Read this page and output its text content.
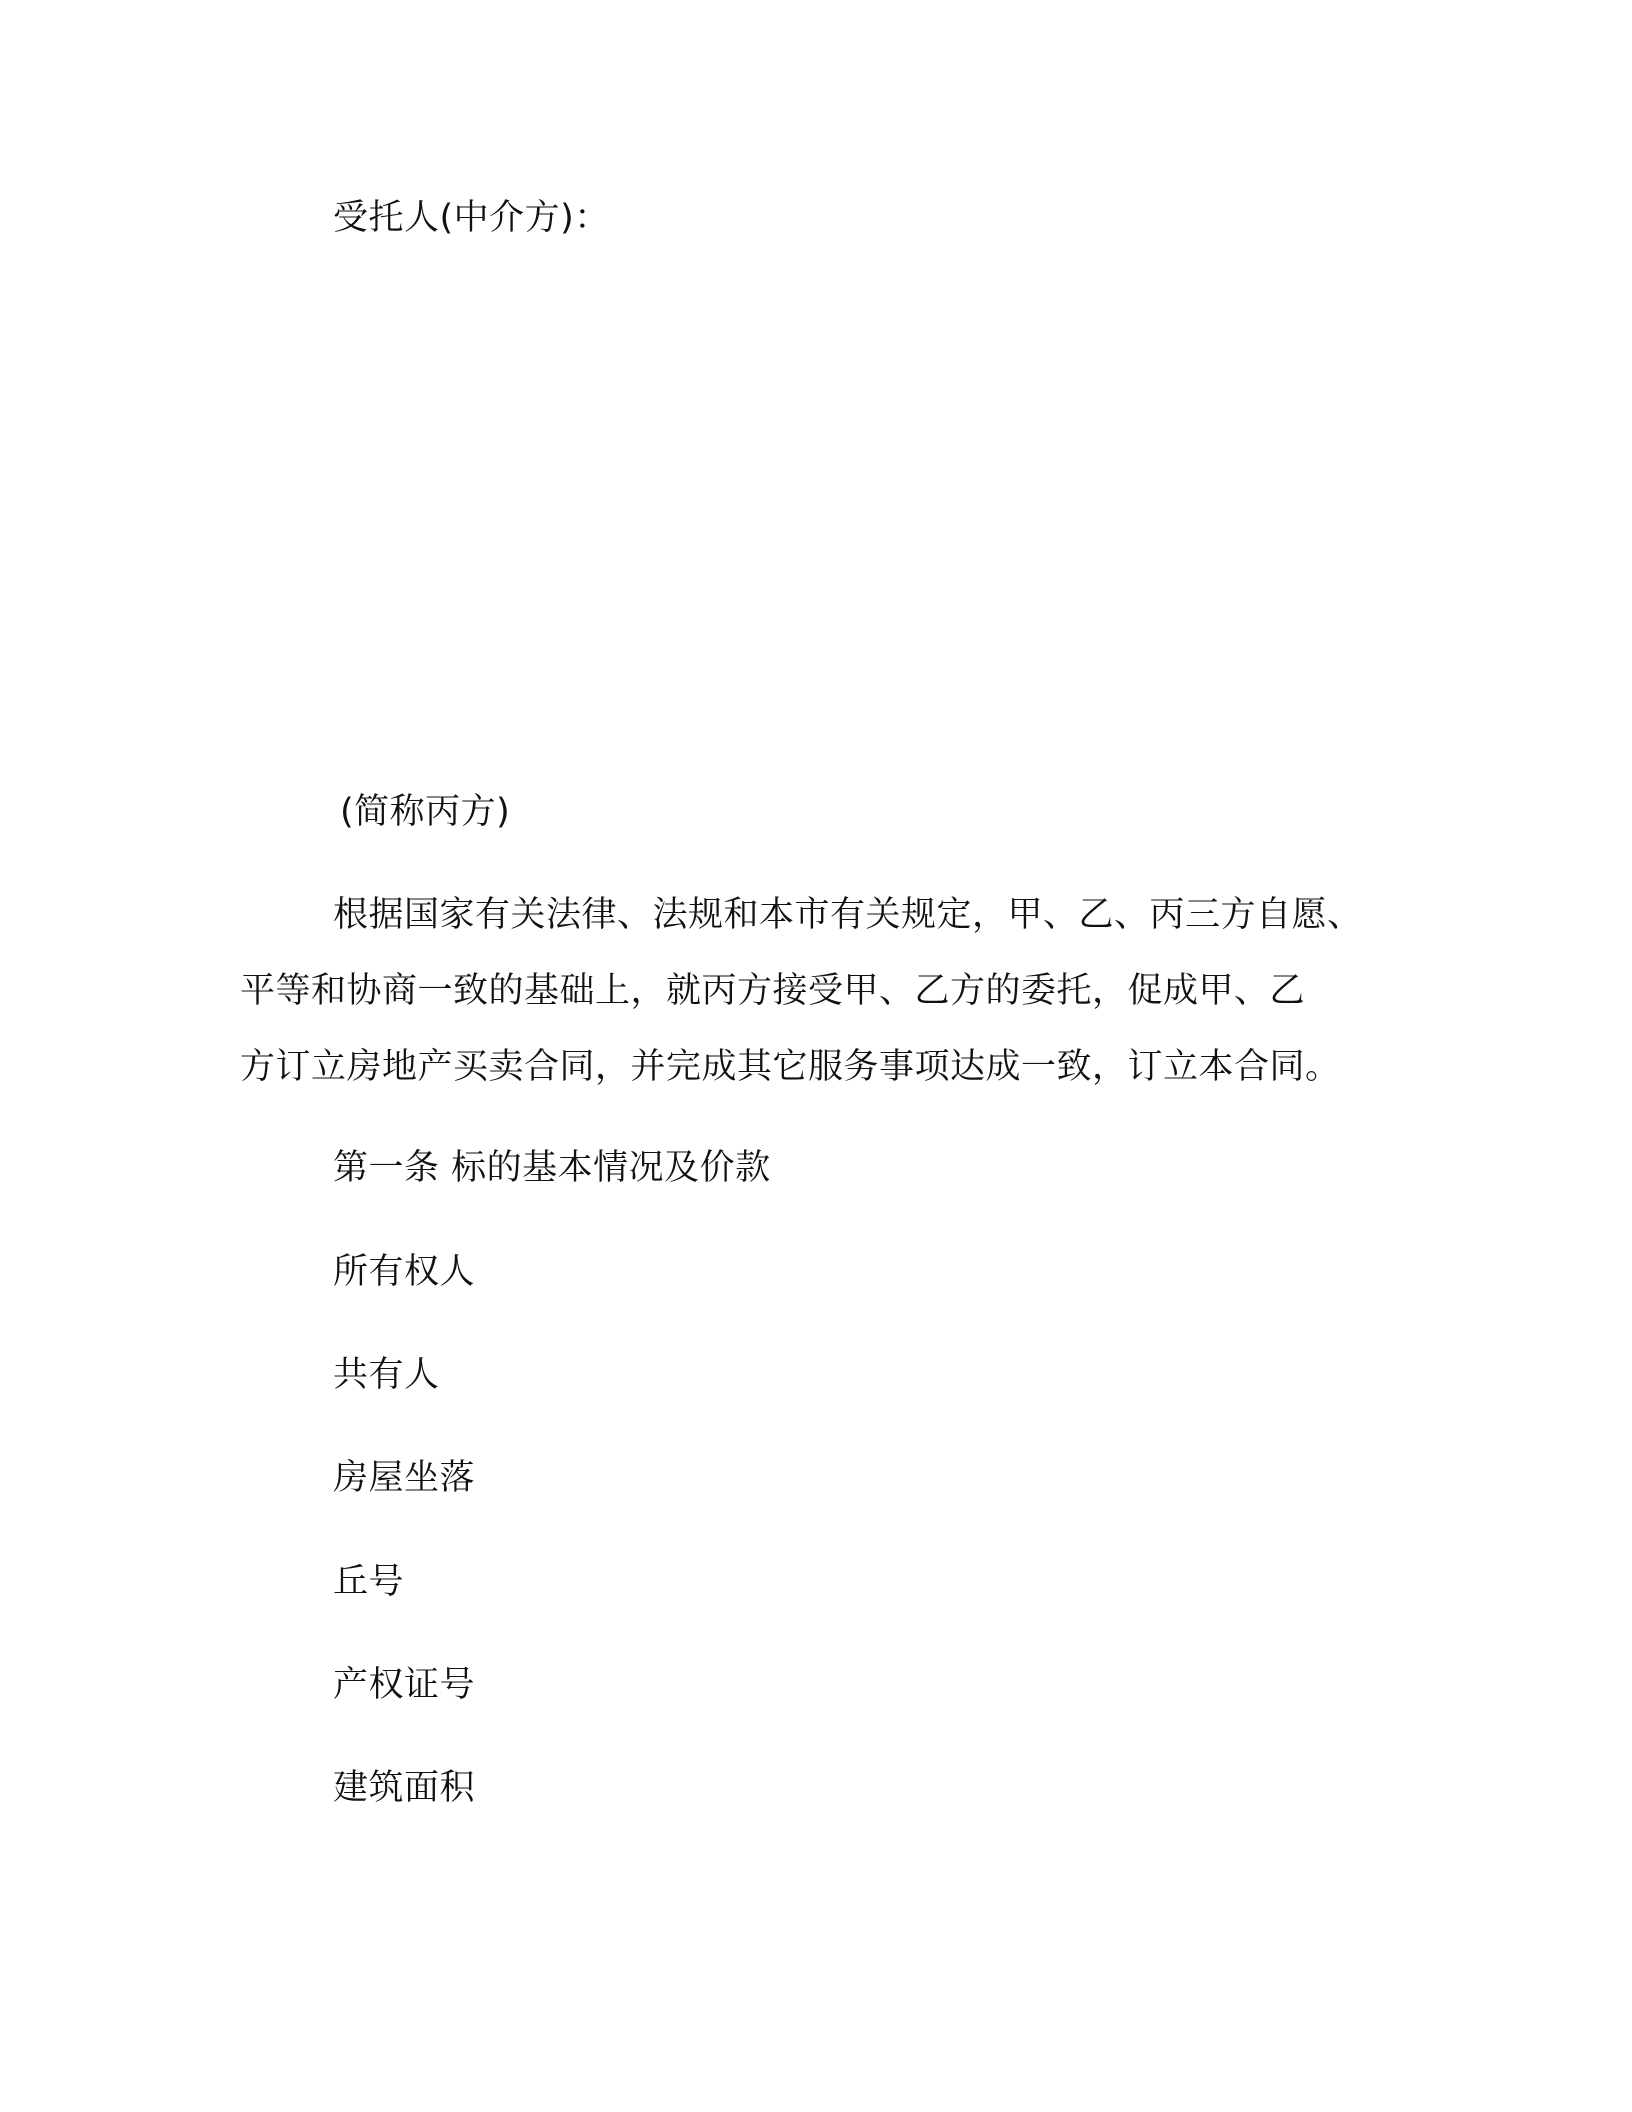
受托人(中介方)：
(简称丙方)
根据国家有关法律、法规和本市有关规定，甲、乙、丙三方自愿、
平等和协商一致的基础上，就丙方接受甲、乙方的委托，促成甲、乙
方订立房地产买卖合同，并完成其它服务事项达成一致，订立本合同。
第一条 标的基本情况及价款
所有权人
共有人
房屋坐落
丘号
产权证号
建筑面积
